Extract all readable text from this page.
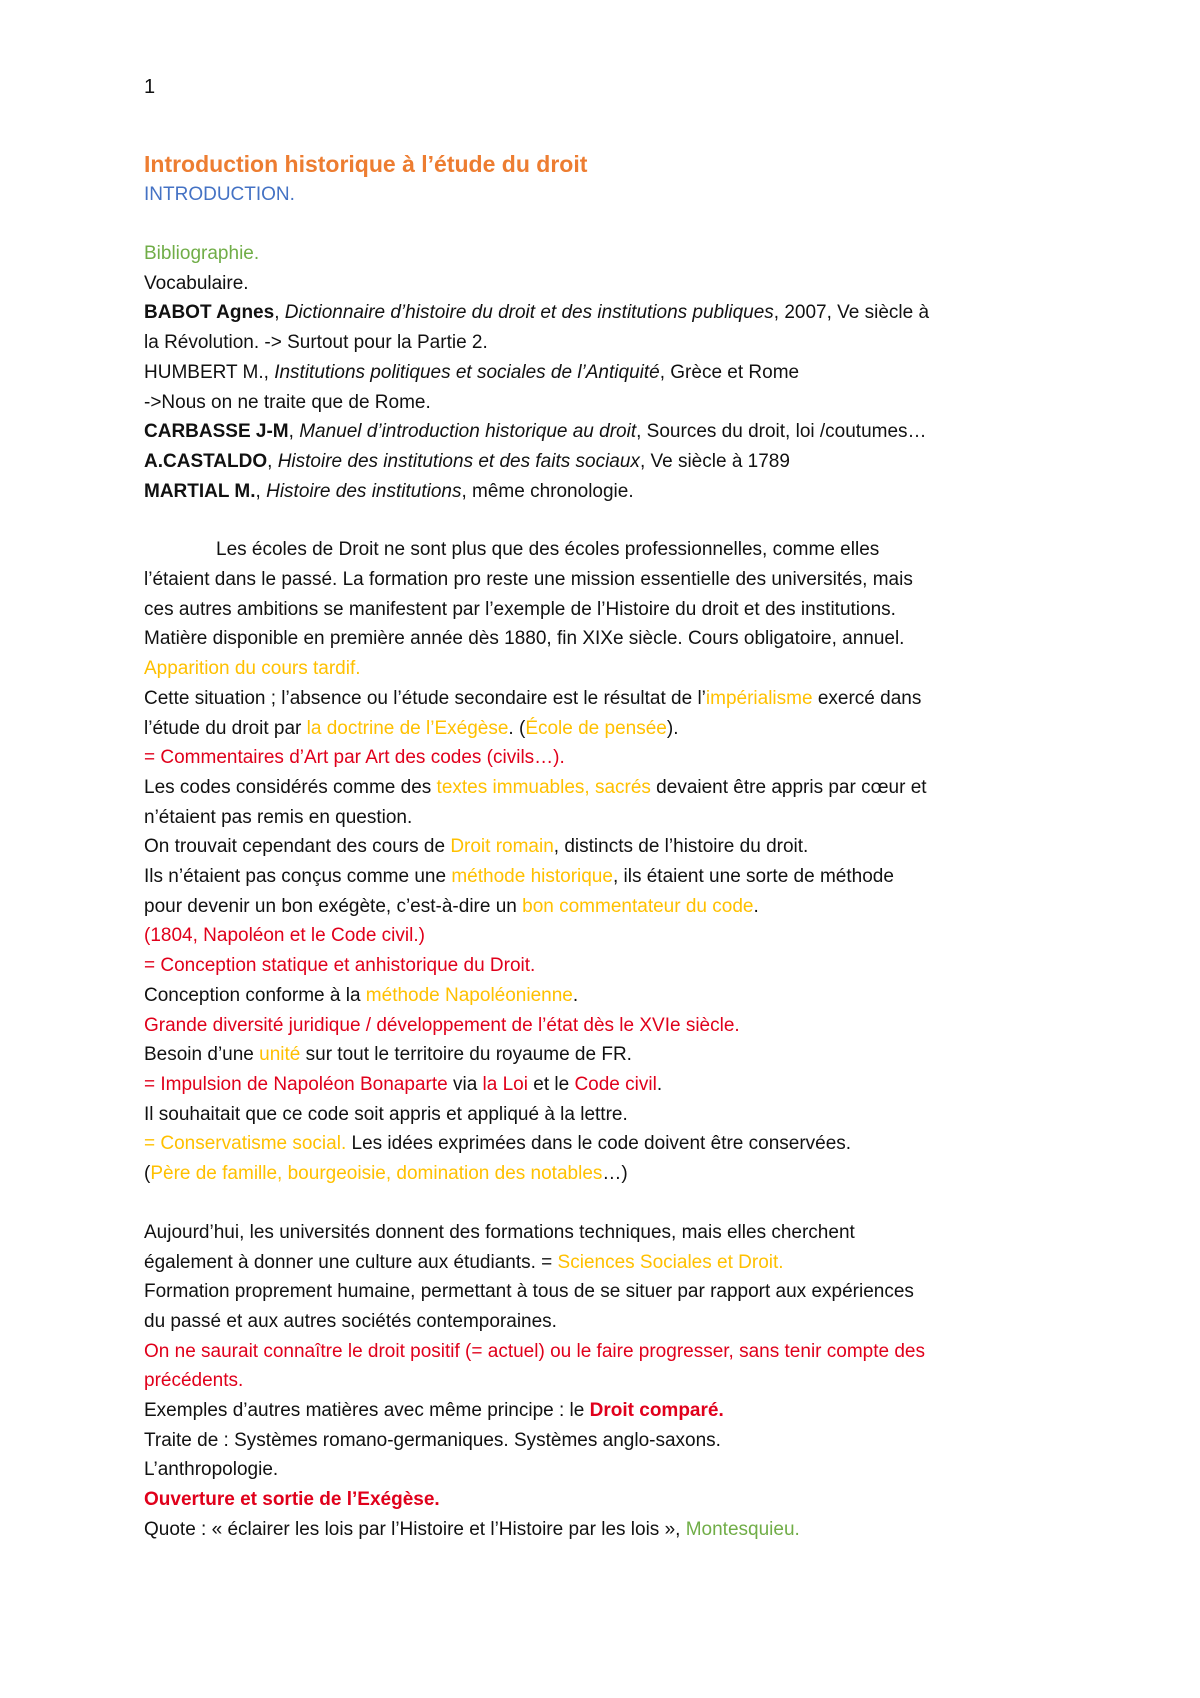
1
Introduction historique à l’étude du droit
INTRODUCTION.
Bibliographie.
Vocabulaire.
BABOT Agnes, Dictionnaire d’histoire du droit et des institutions publiques, 2007, Ve siècle à
la Révolution. -> Surtout pour la Partie 2.
HUMBERT M., Institutions politiques et sociales de l’Antiquité, Grèce et Rome
->Nous on ne traite que de Rome.
CARBASSE J-M, Manuel d’introduction historique au droit, Sources du droit, loi /coutumes…
A.CASTALDO, Histoire des institutions et des faits sociaux, Ve siècle à 1789
MARTIAL M., Histoire des institutions, même chronologie.
Les écoles de Droit ne sont plus que des écoles professionnelles, comme elles
l’étaient dans le passé. La formation pro reste une mission essentielle des universités, mais
ces autres ambitions se manifestent par l’exemple de l’Histoire du droit et des institutions.
Matière disponible en première année dès 1880, fin XIXe siècle. Cours obligatoire, annuel.
Apparition du cours tardif.
Cette situation ; l’absence ou l’étude secondaire est le résultat de l’impérialisme exercé dans
l’étude du droit par la doctrine de l’Exégèse. (École de pensée).
= Commentaires d’Art par Art des codes (civils…).
Les codes considérés comme des textes immuables, sacrés devaient être appris par cœur et
n’étaient pas remis en question.
On trouvait cependant des cours de Droit romain, distincts de l’histoire du droit.
Ils n’étaient pas conçus comme une méthode historique, ils étaient une sorte de méthode
pour devenir un bon exégète, c’est-à-dire un bon commentateur du code.
(1804, Napoléon et le Code civil.)
= Conception statique et anhistorique du Droit.
Conception conforme à la méthode Napoléonienne.
Grande diversité juridique / développement de l’état dès le XVIe siècle.
Besoin d’une unité sur tout le territoire du royaume de FR.
= Impulsion de Napoléon Bonaparte via la Loi et le Code civil.
Il souhaitait que ce code soit appris et appliqué à la lettre.
= Conservatisme social. Les idées exprimées dans le code doivent être conservées.
(Père de famille, bourgeoisie, domination des notables…)
Aujourd’hui, les universités donnent des formations techniques, mais elles cherchent
également à donner une culture aux étudiants. = Sciences Sociales et Droit.
Formation proprement humaine, permettant à tous de se situer par rapport aux expériences
du passé et aux autres sociétés contemporaines.
On ne saurait connaître le droit positif (= actuel) ou le faire progresser, sans tenir compte des
précédents.
Exemples d’autres matières avec même principe : le Droit comparé.
Traite de : Systèmes romano-germaniques. Systèmes anglo-saxons.
L’anthropologie.
Ouverture et sortie de l’Exégèse.
Quote : « éclairer les lois par l’Histoire et l’Histoire par les lois », Montesquieu.
